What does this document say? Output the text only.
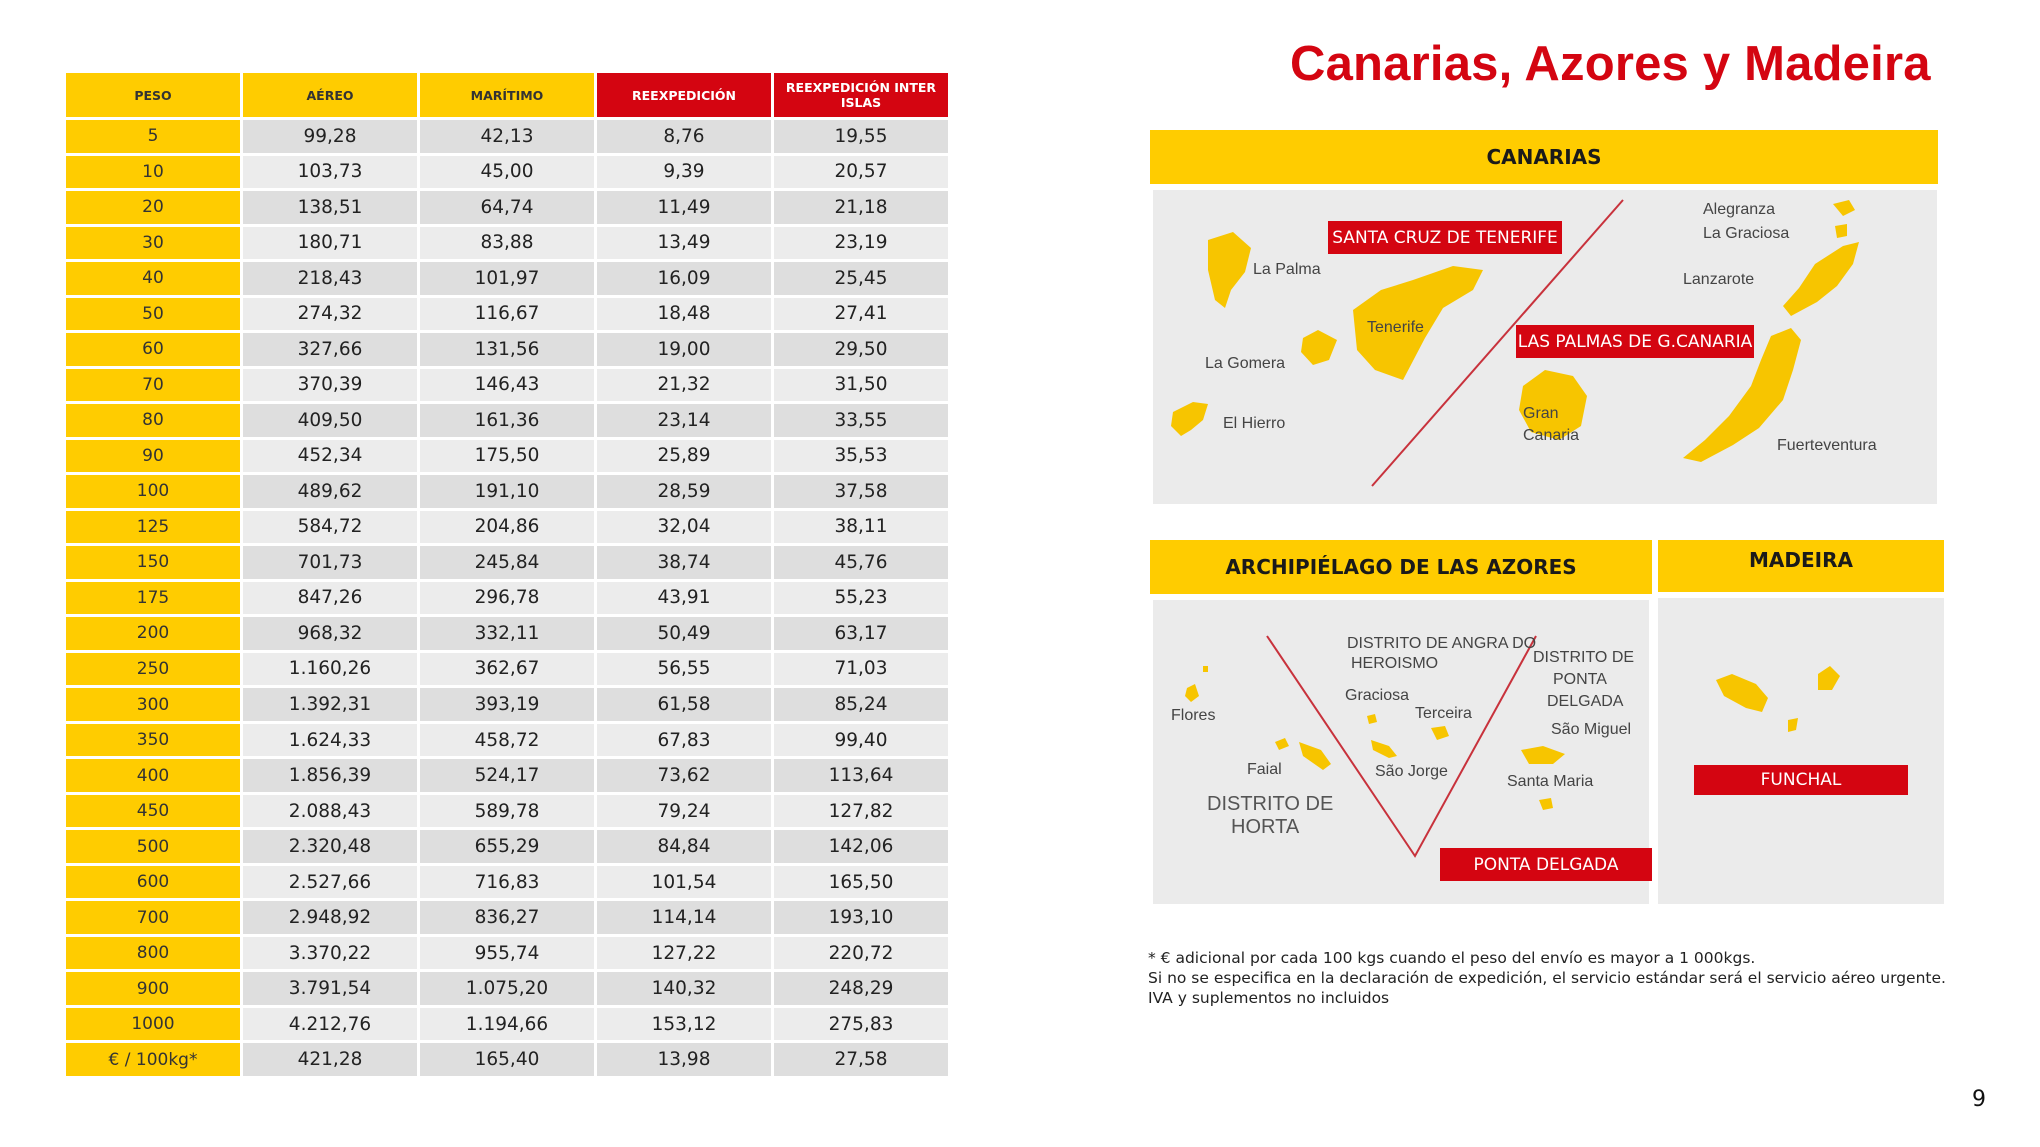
PESO	AÉREO	MARÍTIMO	REEXPEDICIÓN	REEXPEDICIÓN INTER ISLAS
5	99,28	42,13	8,76	19,55
10	103,73	45,00	9,39	20,57
20	138,51	64,74	11,49	21,18
30	180,71	83,88	13,49	23,19
40	218,43	101,97	16,09	25,45
50	274,32	116,67	18,48	27,41
60	327,66	131,56	19,00	29,50
70	370,39	146,43	21,32	31,50
80	409,50	161,36	23,14	33,55
90	452,34	175,50	25,89	35,53
100	489,62	191,10	28,59	37,58
125	584,72	204,86	32,04	38,11
150	701,73	245,84	38,74	45,76
175	847,26	296,78	43,91	55,23
200	968,32	332,11	50,49	63,17
250	1.160,26	362,67	56,55	71,03
300	1.392,31	393,19	61,58	85,24
350	1.624,33	458,72	67,83	99,40
400	1.856,39	524,17	73,62	113,64
450	2.088,43	589,78	79,24	127,82
500	2.320,48	655,29	84,84	142,06
600	2.527,66	716,83	101,54	165,50
700	2.948,92	836,27	114,14	193,10
800	3.370,22	955,74	127,22	220,72
900	3.791,54	1.075,20	140,32	248,29
1000	4.212,76	1.194,66	153,12	275,83
€ / 100kg*	421,28	165,40	13,98	27,58
Canarias, Azores y Madeira
CANARIAS
La Palma
La Gomera
El Hierro
Tenerife
Gran
Canaria
Alegranza
La Graciosa
Lanzarote
Fuerteventura
SANTA CRUZ DE TENERIFE
LAS PALMAS DE G.CANARIA
ARCHIPIÉLAGO DE LAS AZORES
DISTRITO DE ANGRA DO
HEROISMO	DISTRITO DE
PONTA
DELGADA
Flores
Faial
Graciosa
Terceira
São Jorge
São Miguel
Santa Maria
DISTRITO DE
HORTA
PONTA DELGADA
MADEIRA
FUNCHAL
* € adicional por cada 100 kgs cuando el peso del envío es mayor a 1 000kgs.
Si no se especifica en la declaración de expedición, el servicio estándar será el servicio aéreo urgente.
IVA y suplementos no incluidos
9
